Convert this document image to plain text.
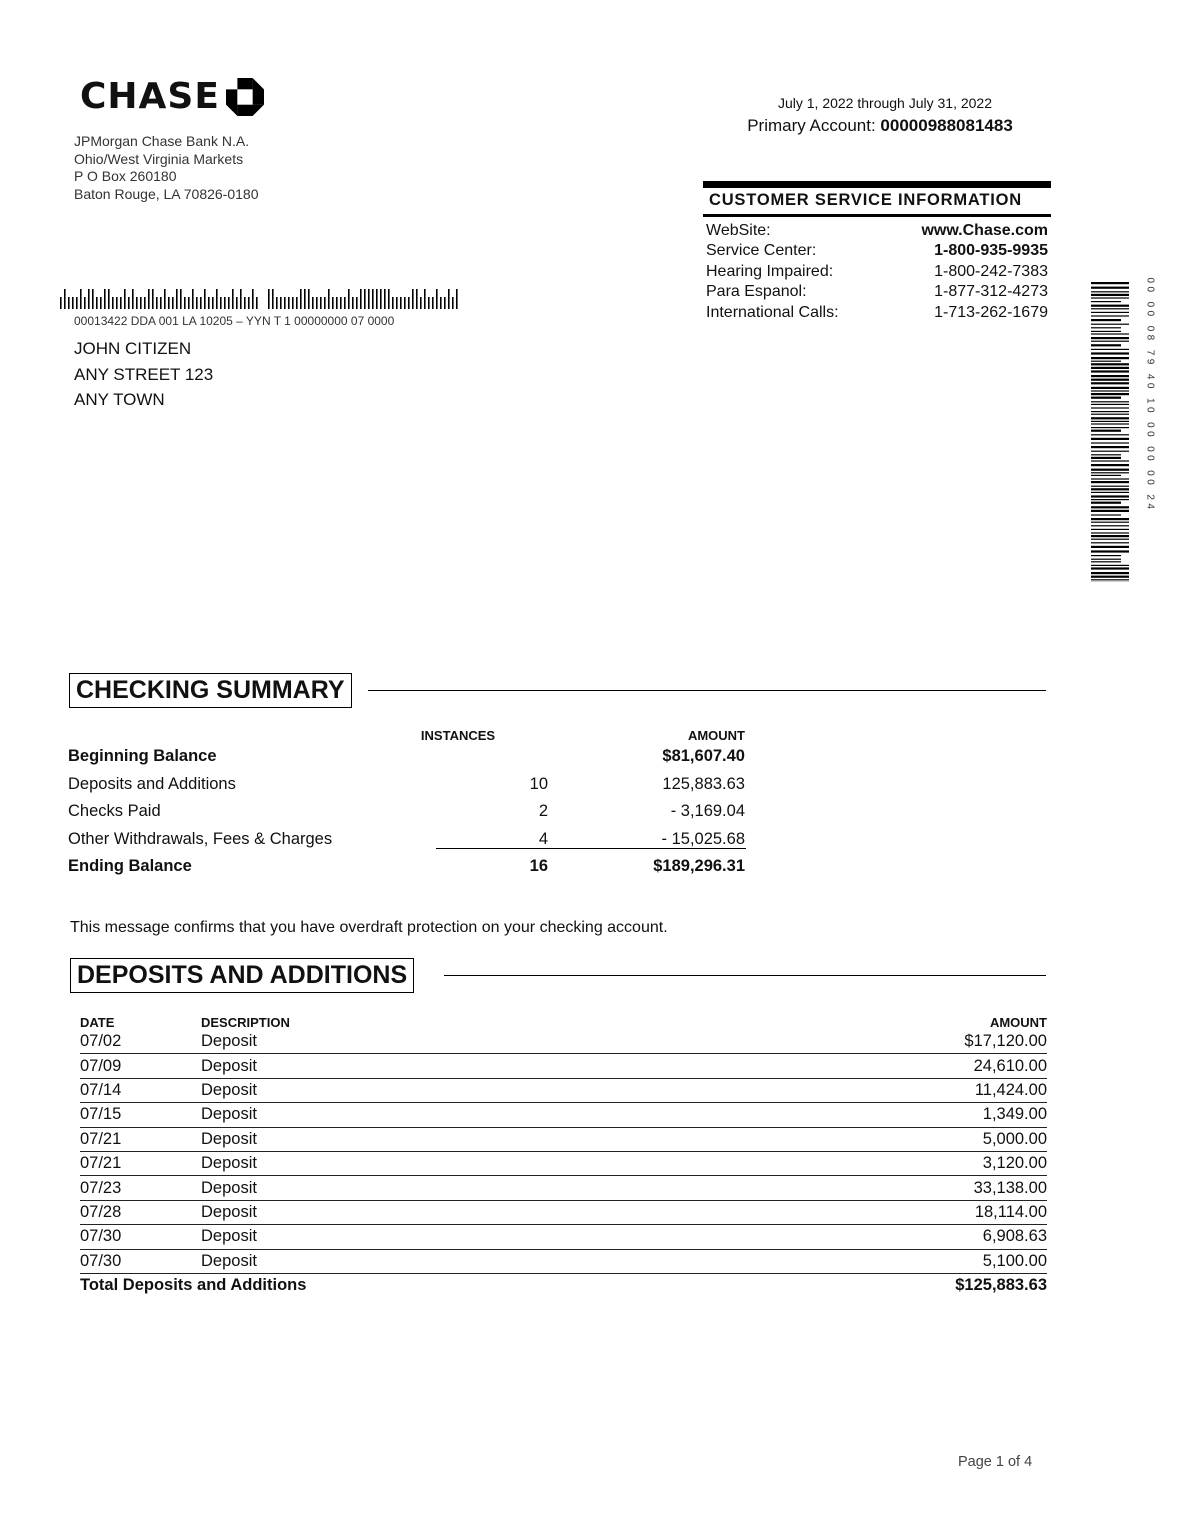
CHASE
JPMorgan Chase Bank N.A.
Ohio/West Virginia Markets
P O Box 260180
Baton Rouge, LA 70826-0180
July 1, 2022 through July 31, 2022
Primary Account: 00000988081483
CUSTOMER SERVICE INFORMATION
WebSite:	www.Chase.com
Service Center:	1-800-935-9935
Hearing Impaired:	1-800-242-7383
Para Espanol:	1-877-312-4273
International Calls:	1-713-262-1679
00013422 DDA 001 LA 10205 – YYN T 1 00000000 07 0000
JOHN CITIZEN
ANY STREET 123
ANY TOWN	00 00 08 79 40 10 00 00 00 24
CHECKING SUMMARY
INSTANCES	AMOUNT
Beginning Balance	$81,607.40
Deposits and Additions	10	125,883.63
Checks Paid	2	- 3,169.04
Other Withdrawals, Fees & Charges	4	- 15,025.68
Ending Balance	16	$189,296.31
This message confirms that you have overdraft protection on your checking account.
DEPOSITS AND ADDITIONS
DATE	DESCRIPTION	AMOUNT
07/02	Deposit	$17,120.00
07/09	Deposit	24,610.00
07/14	Deposit	11,424.00
07/15	Deposit	1,349.00
07/21	Deposit	5,000.00
07/21	Deposit	3,120.00
07/23	Deposit	33,138.00
07/28	Deposit	18,114.00
07/30	Deposit	6,908.63
07/30	Deposit	5,100.00
Total Deposits and Additions	$125,883.63
Page 1 of 4
